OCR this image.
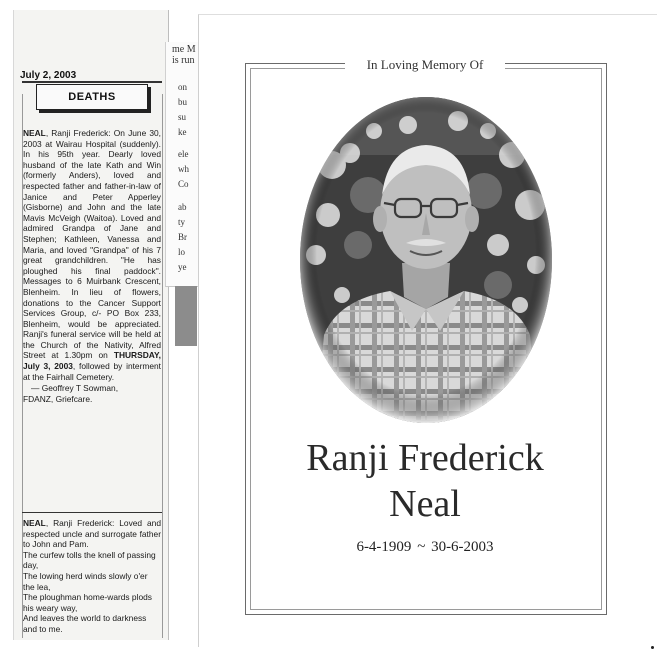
July 2, 2003
DEATHS
NEAL, Ranji Frederick: On June 30, 2003 at Wairau Hospital (suddenly). In his 95th year. Dearly loved husband of the late Kath and Win (formerly Anders), loved and respected father and father-in-law of Janice and Peter Apperley (Gisborne) and John and the late Mavis McVeigh (Waitoa). Loved and admired Grandpa of Jane and Stephen; Kathleen, Vanessa and Maria, and loved "Grandpa" of his 7 great grandchildren. "He has ploughed his final paddock". Messages to 6 Muirbank Crescent, Blenheim. In lieu of flowers, donations to the Cancer Support Services Group, c/- PO Box 233, Blenheim, would be appreciated. Ranji's funeral service will be held at the Church of the Nativity, Alfred Street at 1.30pm on THURSDAY, July 3, 2003, followed by interment at the Fairhall Cemetery.
— Geoffrey T Sowman,
FDANZ, Griefcare.
NEAL, Ranji Frederick: Loved and respected uncle and surrogate father to John and Pam.
The curfew tolls the knell of passing day,
The lowing herd winds slowly o'er the lea,
The ploughman home-wards plods his weary way,
And leaves the world to darkness and to me.
me M
is run
on
bu
su
ke
ele
wh
Co
ab
ty
Br
lo
ye
In Loving Memory Of
Ranji Frederick
Neal
6-4-1909 ~ 30-6-2003
